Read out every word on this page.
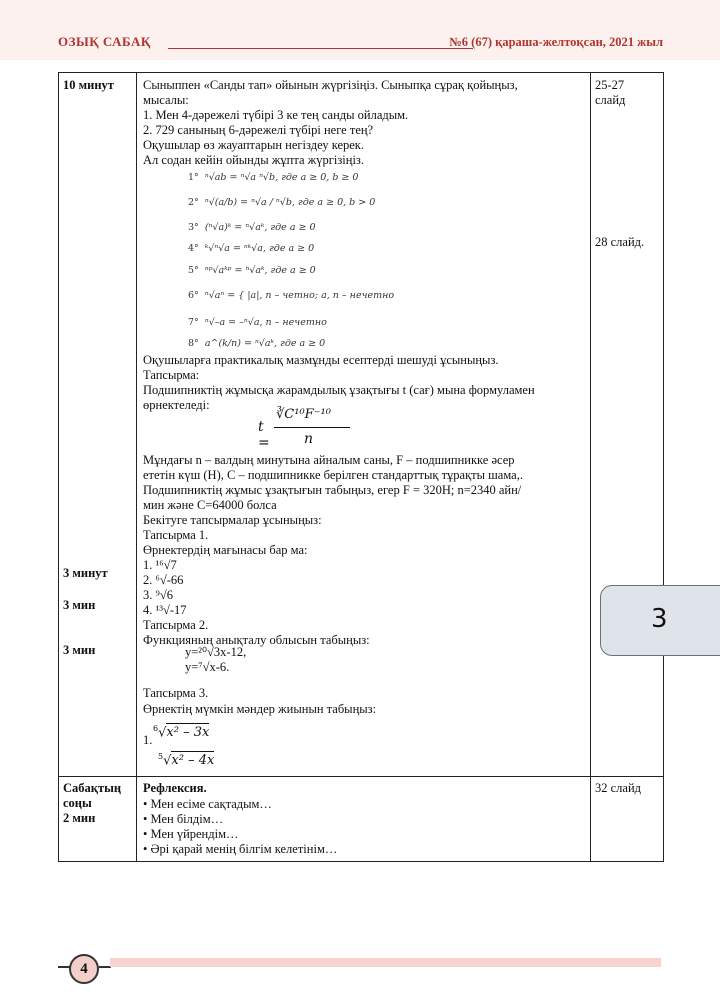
ОЗЫҚ САБАҚ	№6 (67) қараша-желтоқсан, 2021 жыл
10 минут
3 минут
3 мин
3 мин
Сабақтың
соңы
2 мин
Сыныппен «Санды тап» ойынын жүргізіңіз. Сыныпқа сұрақ қойыңыз,
мысалы:
1. Мен 4-дәрежелі түбірі 3 ке тең санды ойладым.
2. 729 санының 6-дәрежелі түбірі неге тең?
Оқушылар өз жауаптарын негіздеу керек.
Ал содан кейін ойынды жұпта жүргізіңіз.
1° ⁿ√ab = ⁿ√a ⁿ√b, где a ≥ 0, b ≥ 0
2° ⁿ√(a/b) = ⁿ√a / ⁿ√b, где a ≥ 0, b > 0
3° (ⁿ√a)ᵏ = ⁿ√aᵏ, где a ≥ 0
4° ᵏ√ⁿ√a = ⁿᵏ√a, где a ≥ 0
5° ⁿᵖ√aᵏᵖ = ⁿ√aᵏ, где a ≥ 0
6° ⁿ√aⁿ = { |a|, n – четно; a, n – нечетно
7° ⁿ√–a = –ⁿ√a, n – нечетно
8° a^(k/n) = ⁿ√aᵏ, где a ≥ 0
Оқушыларға практикалық мазмұнды есептерді шешуді ұсыныңыз.
Тапсырма:
Подшипниктің жұмысқа жарамдылық ұзақтығы t (сағ) мына формуламен
өрнектеледі:
t =
∛C¹⁰F⁻¹⁰
n
Мұндағы n – валдың минутына айналым саны, F – подшипникке әсер
ететін күш (Н), C – подшипникке берілген стандарттық тұрақты шама,.
Подшипниктің жұмыс ұзақтығын табыңыз, егер F = 320Н; n=2340 айн/
мин және С=64000 болса
Бекітуге тапсырмалар ұсыныңыз:
Тапсырма 1.
Өрнектердің мағынасы бар ма:
1. ¹⁶√7
2. ⁶√-66
3. ⁹√6
4. ¹³√-17
Тапсырма 2.
Функцияның анықталу облысын табыңыз:
y=²⁰√3x-12,
y=⁷√x-6.
Тапсырма 3.
Өрнектің мүмкін мәндер жиынын табыңыз:
1.
$^6$√x² – 3x
$^5$√x² – 4x
Рефлексия.
• Мен есіме сақтадым…
• Мен білдім…
• Мен үйрендім…
• Әрі қарай менің білгім келетінім…
25-27
слайд
28 слайд.
32 слайд
3
4
